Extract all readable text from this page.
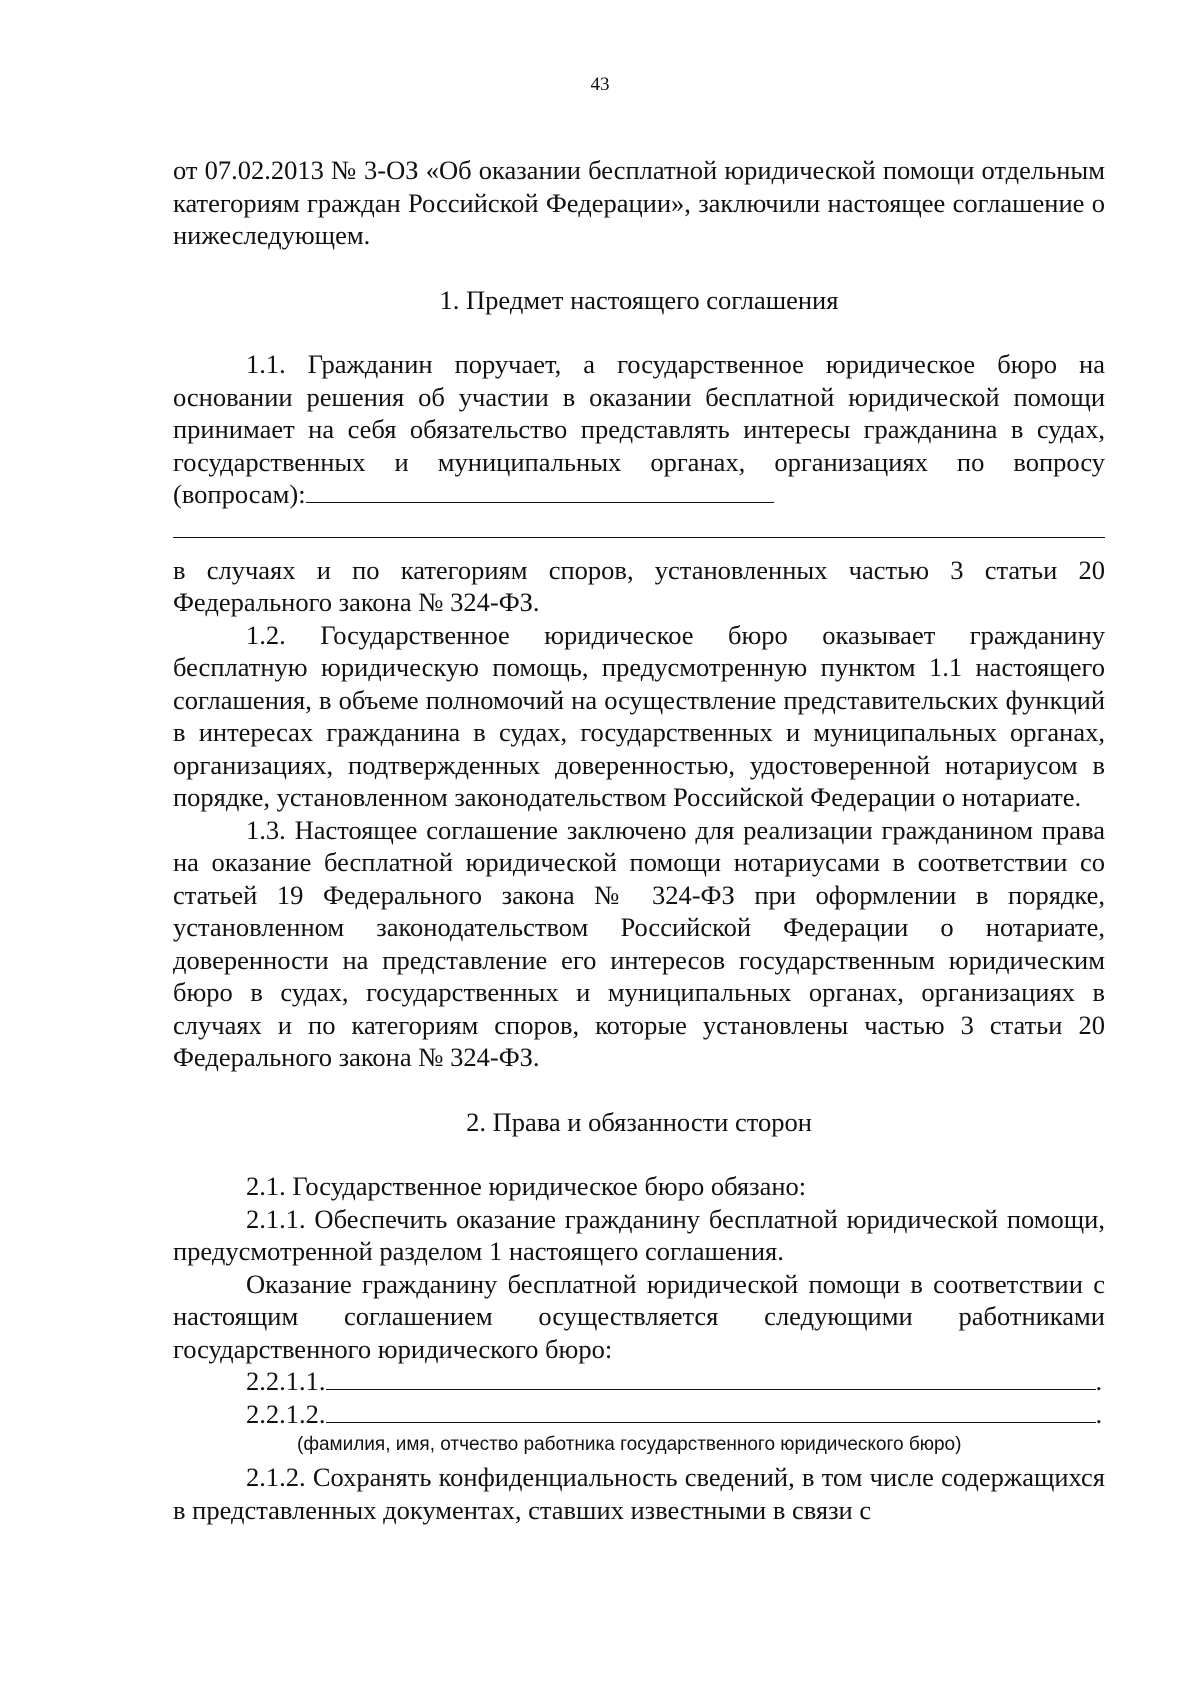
43

от 07.02.2013 № 3-ОЗ «Об оказании бесплатной юридической помощи отдельным категориям граждан Российской Федерации», заключили настоящее соглашение о нижеследующем.

1. Предмет настоящего соглашения

1.1. Гражданин поручает, а государственное юридическое бюро на основании решения об участии в оказании бесплатной юридической помощи принимает на себя обязательство представлять интересы гражданина в судах, государственных и муниципальных органах, организациях по вопросу (вопросам):

в случаях и по категориям споров, установленных частью 3 статьи 20 Федерального закона № 324-ФЗ.

1.2. Государственное юридическое бюро оказывает гражданину бесплатную юридическую помощь, предусмотренную пунктом 1.1 настоящего соглашения, в объеме полномочий на осуществление представительских функций в интересах гражданина в судах, государственных и муниципальных органах, организациях, подтвержденных доверенностью, удостоверенной нотариусом в порядке, установленном законодательством Российской Федерации о нотариате.

1.3. Настоящее соглашение заключено для реализации гражданином права на оказание бесплатной юридической помощи нотариусами в соответствии со статьей 19 Федерального закона № 324-ФЗ при оформлении в порядке, установленном законодательством Российской Федерации о нотариате, доверенности на представление его интересов государственным юридическим бюро в судах, государственных и муниципальных органах, организациях в случаях и по категориям споров, которые установлены частью 3 статьи 20 Федерального закона № 324-ФЗ.

2. Права и обязанности сторон

2.1. Государственное юридическое бюро обязано:

2.1.1. Обеспечить оказание гражданину бесплатной юридической помощи, предусмотренной разделом 1 настоящего соглашения.

Оказание гражданину бесплатной юридической помощи в соответствии с настоящим соглашением осуществляется следующими работниками государственного юридического бюро:

2.2.1.1.	.
2.2.1.2.	.
(фамилия, имя, отчество работника государственного юридического бюро)

2.1.2. Сохранять конфиденциальность сведений, в том числе содержащихся в представленных документах, ставших известными в связи с
